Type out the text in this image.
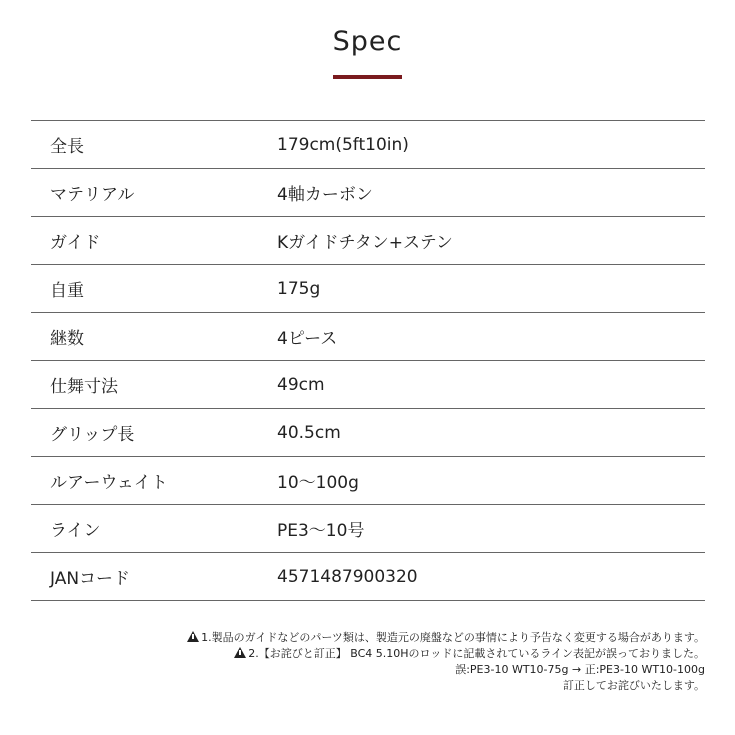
Spec
全長	179cm(5ft10in)
マテリアル	4軸カーボン
ガイド	Kガイドチタン+ステン
自重	175g
継数	4ピース
仕舞寸法	49cm
グリップ長	40.5cm
ルアーウェイト	10〜100g
ライン	PE3〜10号
JANコード	4571487900320
1.製品のガイドなどのパーツ類は、製造元の廃盤などの事情により予告なく変更する場合があります。
2.【お詫びと訂正】 BC4 5.10Hのロッドに記載されているライン表記が誤っておりました。
誤:PE3-10 WT10-75g → 正:PE3-10 WT10-100g
訂正してお詫びいたします。
